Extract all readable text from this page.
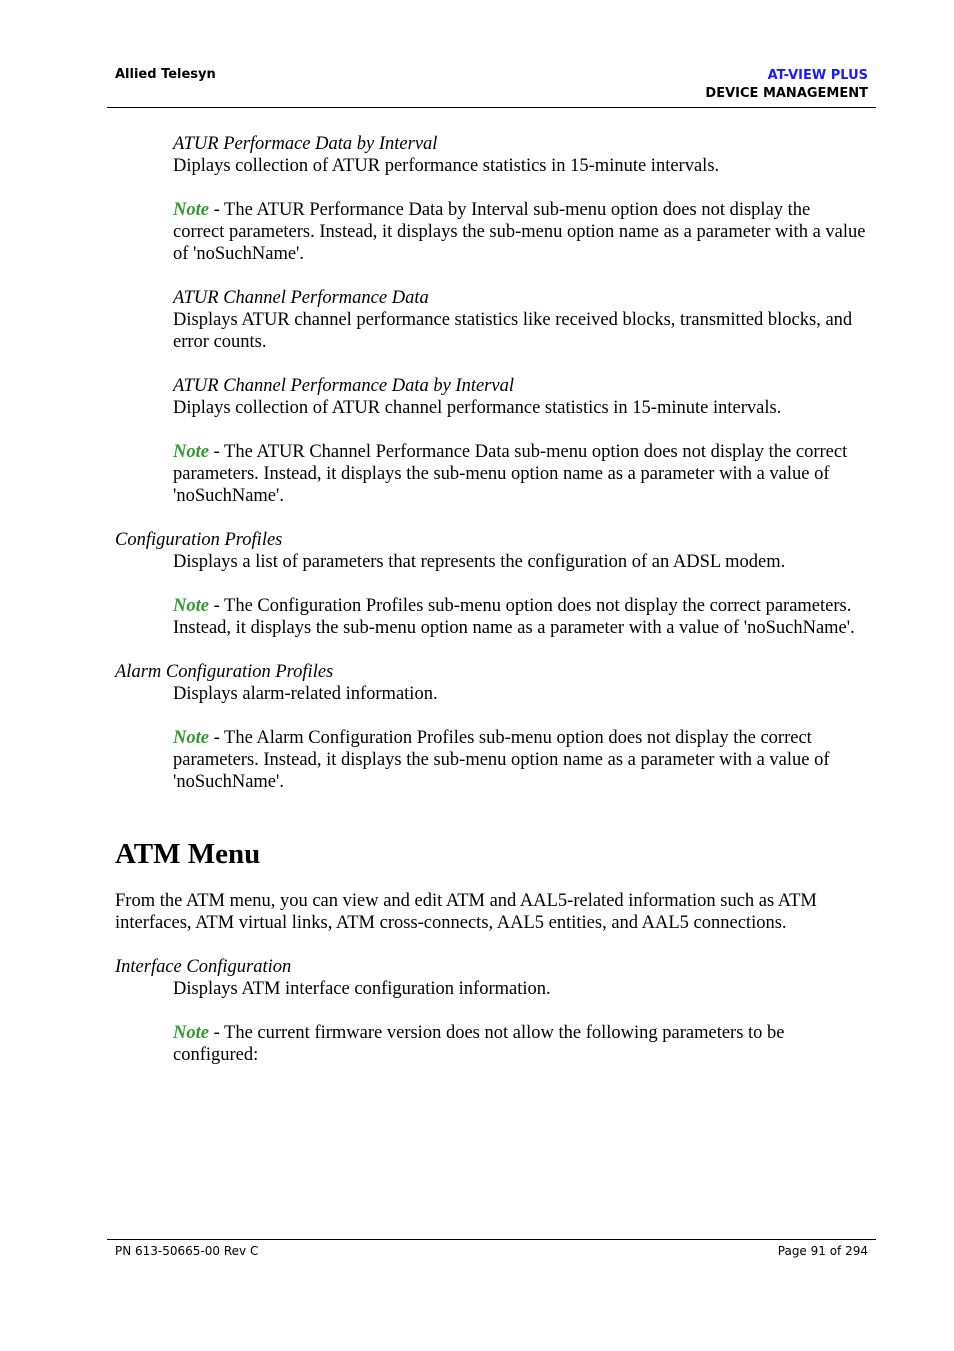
Allied Telesyn	AT-VIEW PLUS
DEVICE MANAGEMENT
ATUR Performace Data by Interval
Diplays collection of ATUR performance statistics in 15-minute intervals.
Note - The ATUR Performance Data by Interval sub-menu option does not display the correct parameters. Instead, it displays the sub-menu option name as a parameter with a value of 'noSuchName'.
ATUR Channel Performance Data
Displays ATUR channel performance statistics like received blocks, transmitted blocks, and error counts.
ATUR Channel Performance Data by Interval
Diplays collection of ATUR channel performance statistics in 15-minute intervals.
Note - The ATUR Channel Performance Data sub-menu option does not display the correct parameters. Instead, it displays the sub-menu option name as a parameter with a value of 'noSuchName'.
Configuration Profiles
Displays a list of parameters that represents the configuration of an ADSL modem.
Note - The Configuration Profiles sub-menu option does not display the correct parameters. Instead, it displays the sub-menu option name as a parameter with a value of 'noSuchName'.
Alarm Configuration Profiles
Displays alarm-related information.
Note - The Alarm Configuration Profiles sub-menu option does not display the correct parameters. Instead, it displays the sub-menu option name as a parameter with a value of 'noSuchName'.
ATM Menu
From the ATM menu, you can view and edit ATM and AAL5-related information such as ATM interfaces, ATM virtual links, ATM cross-connects, AAL5 entities, and AAL5 connections.
Interface Configuration
Displays ATM interface configuration information.
Note - The current firmware version does not allow the following parameters to be configured:
PN 613-50665-00 Rev C	Page 91 of 294
